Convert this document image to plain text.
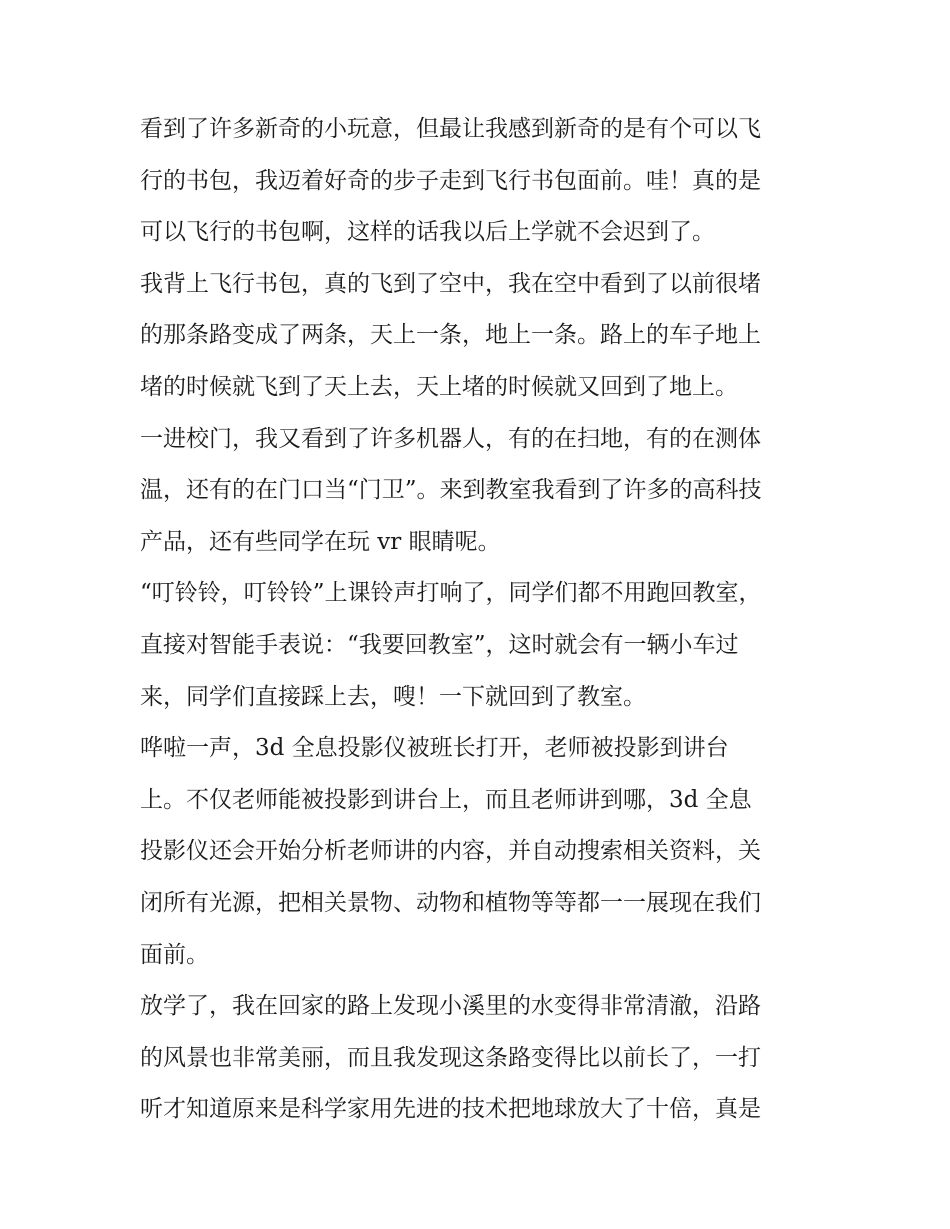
看到了许多新奇的小玩意，但最让我感到新奇的是有个可以飞
行的书包，我迈着好奇的步子走到飞行书包面前。哇！真的是
可以飞行的书包啊，这样的话我以后上学就不会迟到了。
我背上飞行书包，真的飞到了空中，我在空中看到了以前很堵
的那条路变成了两条，天上一条，地上一条。路上的车子地上
堵的时候就飞到了天上去，天上堵的时候就又回到了地上。
一进校门，我又看到了许多机器人，有的在扫地，有的在测体
温，还有的在门口当“门卫”。来到教室我看到了许多的高科技
产品，还有些同学在玩 vr 眼睛呢。
“叮铃铃，叮铃铃”上课铃声打响了，同学们都不用跑回教室，
直接对智能手表说：“我要回教室”，这时就会有一辆小车过
来，同学们直接踩上去，嗖！一下就回到了教室。
哗啦一声，3d 全息投影仪被班长打开，老师被投影到讲台
上。不仅老师能被投影到讲台上，而且老师讲到哪，3d 全息
投影仪还会开始分析老师讲的内容，并自动搜索相关资料，关
闭所有光源，把相关景物、动物和植物等等都一一展现在我们
面前。
放学了，我在回家的路上发现小溪里的水变得非常清澈，沿路
的风景也非常美丽，而且我发现这条路变得比以前长了，一打
听才知道原来是科学家用先进的技术把地球放大了十倍，真是
